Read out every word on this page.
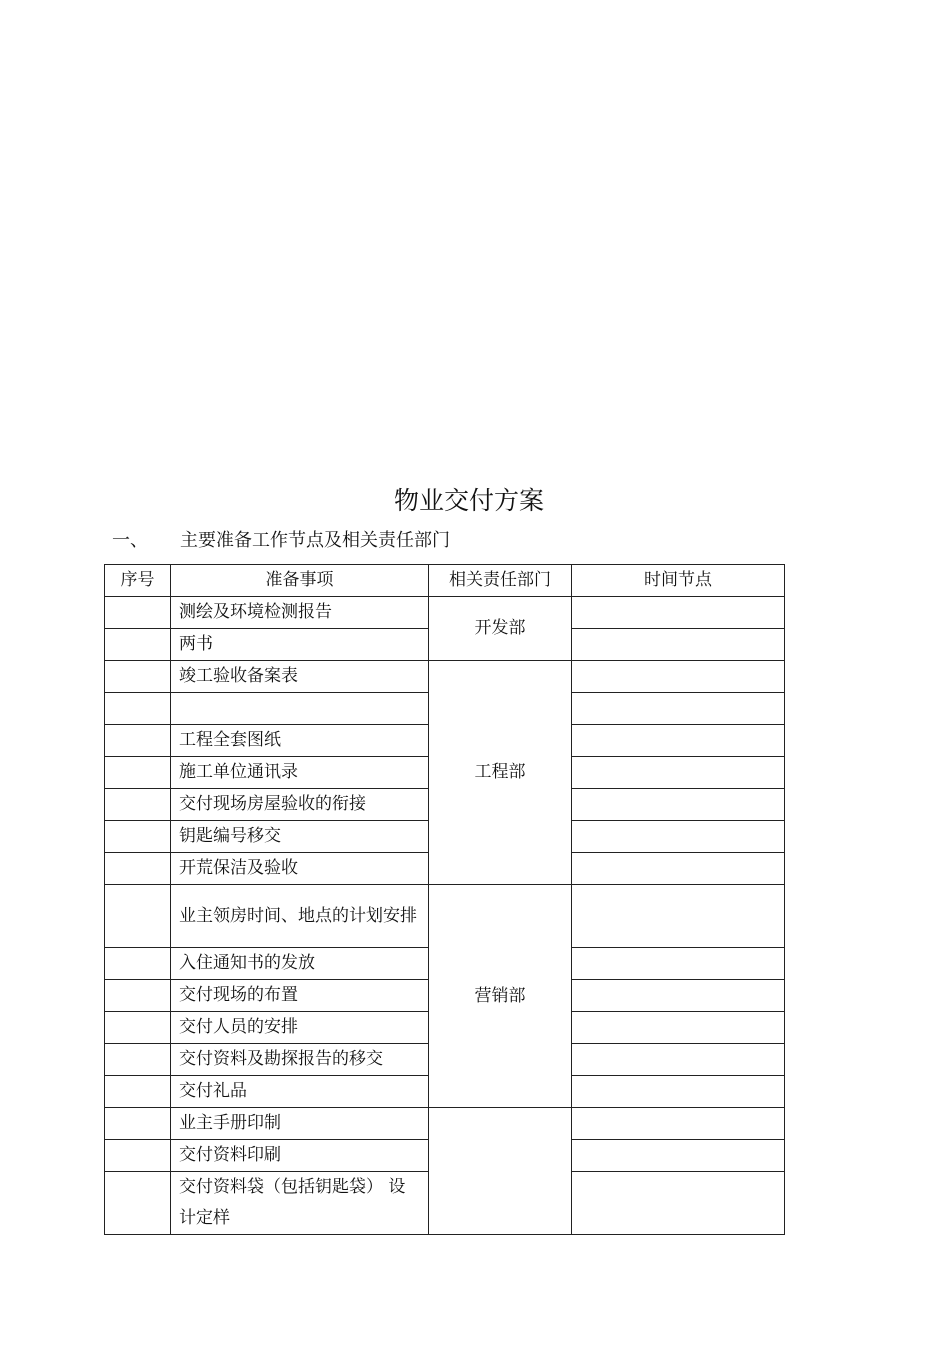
物业交付方案
一、 主要准备工作节点及相关责任部门
序号	准备事项	相关责任部门	时间节点
	测绘及环境检测报告	开发部	
	两书		
	竣工验收备案表	工程部	

	工程全套图纸		
	施工单位通讯录		
	交付现场房屋验收的衔接		
	钥匙编号移交		
	开荒保洁及验收		
	业主领房时间、地点的计划安排	营销部	
	入住通知书的发放		
	交付现场的布置		
	交付人员的安排		
	交付资料及勘探报告的移交		
	交付礼品		
	业主手册印制		
	交付资料印刷		
	交付资料袋（包括钥匙袋） 设计定样		
